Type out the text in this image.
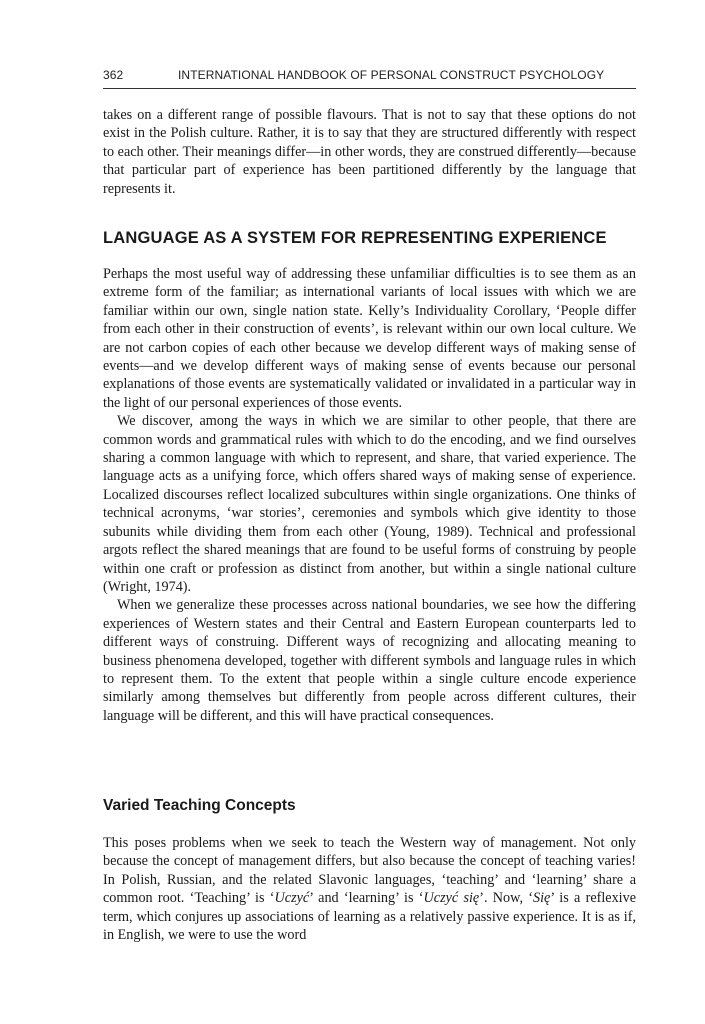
362	INTERNATIONAL HANDBOOK OF PERSONAL CONSTRUCT PSYCHOLOGY

takes on a different range of possible flavours. That is not to say that these options do not exist in the Polish culture. Rather, it is to say that they are structured differently with respect to each other. Their meanings differ—in other words, they are construed differently—because that particular part of experience has been partitioned differently by the language that represents it.

LANGUAGE AS A SYSTEM FOR REPRESENTING EXPERIENCE

Perhaps the most useful way of addressing these unfamiliar difficulties is to see them as an extreme form of the familiar; as international variants of local issues with which we are familiar within our own, single nation state. Kelly’s Individuality Corollary, ‘People differ from each other in their construction of events’, is relevant within our own local culture. We are not carbon copies of each other because we develop different ways of making sense of events—and we develop different ways of making sense of events because our personal explanations of those events are systematically validated or invalidated in a particular way in the light of our personal experiences of those events.

We discover, among the ways in which we are similar to other people, that there are common words and grammatical rules with which to do the encoding, and we find ourselves sharing a common language with which to represent, and share, that varied experience. The language acts as a unifying force, which offers shared ways of making sense of experience. Localized discourses reflect localized subcultures within single organizations. One thinks of technical acronyms, ‘war stories’, ceremonies and symbols which give identity to those subunits while dividing them from each other (Young, 1989). Technical and professional argots reflect the shared meanings that are found to be useful forms of construing by people within one craft or profession as distinct from another, but within a single national culture (Wright, 1974).

When we generalize these processes across national boundaries, we see how the differing experiences of Western states and their Central and Eastern European counterparts led to different ways of construing. Different ways of recognizing and allocating meaning to business phenomena developed, together with different symbols and language rules in which to represent them. To the extent that people within a single culture encode experience similarly among themselves but differently from people across different cultures, their language will be different, and this will have practical consequences.

Varied Teaching Concepts

This poses problems when we seek to teach the Western way of management. Not only because the concept of management differs, but also because the concept of teaching varies! In Polish, Russian, and the related Slavonic languages, ‘teaching’ and ‘learning’ share a common root. ‘Teaching’ is ‘Uczyć’ and ‘learning’ is ‘Uczyć się’. Now, ‘Się’ is a reflexive term, which conjures up associations of learning as a relatively passive experience. It is as if, in English, we were to use the word
